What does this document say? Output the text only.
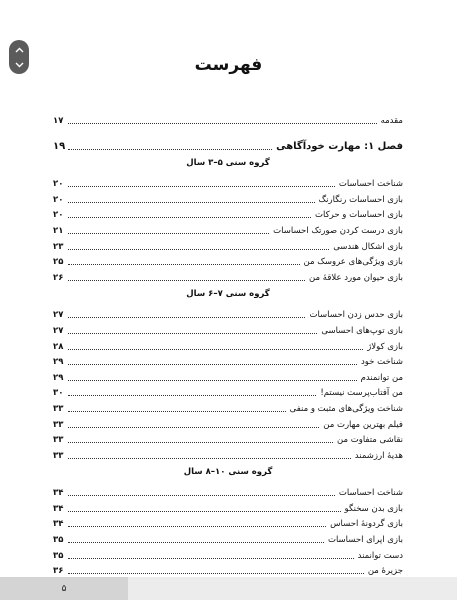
فهرست
مقدمه
۱۷
فصل ۱: مهارت خودآگاهی
۱۹
گروه سنی ۵–۳ سال
شناخت احساسات
۲۰
بازی احساسات رنگارنگ
۲۰
بازی احساسات و حرکات
۲۰
بازی درست کردن صورتک احساسات
۲۱
بازی اشکال هندسی
۲۳
بازی ویژگی‌های عروسک من
۲۵
بازی حیوان مورد علاقهٔ من
۲۶
گروه سنی ۷–۶ سال
بازی حدس زدن احساسات
۲۷
بازی توپ‌های احساسی
۲۷
بازی کولاژ
۲۸
شناخت خود
۲۹
من توانمندم
۲۹
من آفتاب‌پرست نیستم!
۳۰
شناخت ویژگی‌های مثبت و منفی
۳۳
فیلم بهترین مهارت من
۳۳
نقاشی متفاوت من
۳۳
هدیهٔ ارزشمند
۳۳
گروه سنی ۱۰–۸ سال
شناخت احساسات
۳۴
بازی بدن سخنگو
۳۴
بازی گردونهٔ احساس
۳۴
بازی اپرای احساسات
۳۵
دست توانمند
۳۵
جزیرهٔ من
۳۶
۵
